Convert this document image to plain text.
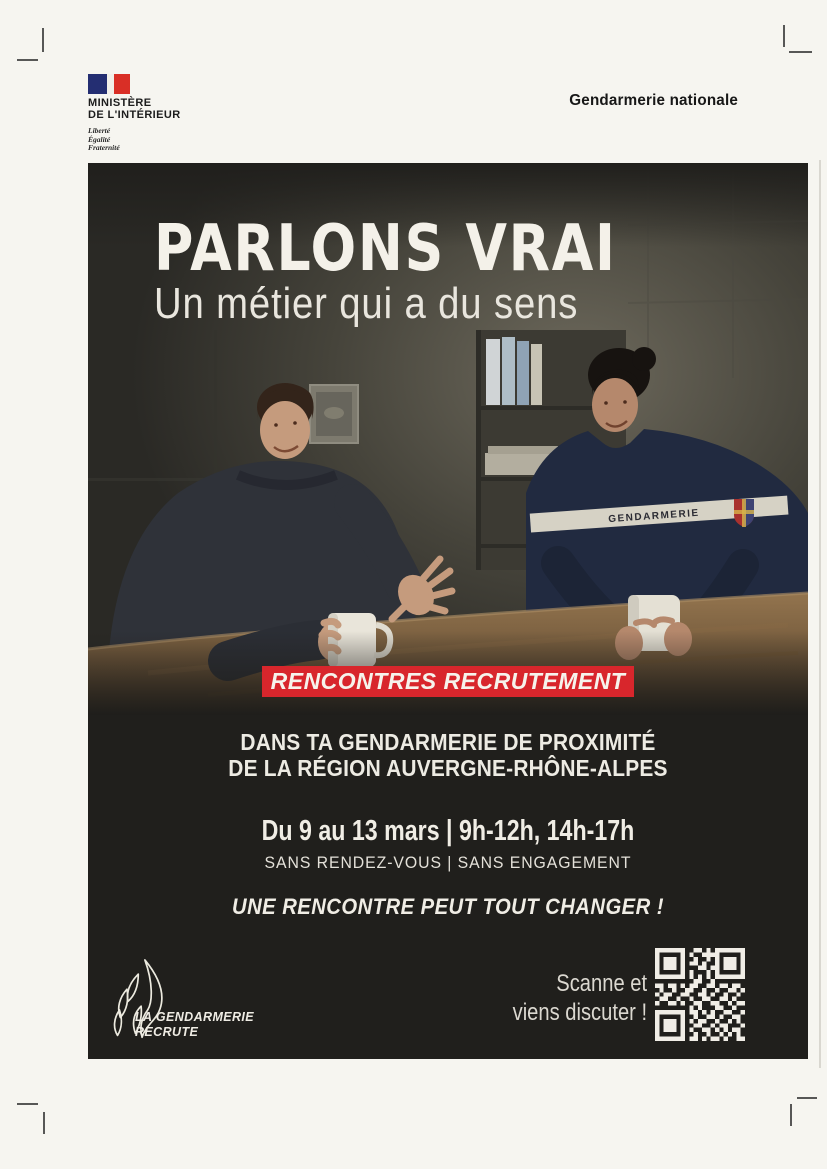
MINISTÈRE
DE L'INTÉRIEUR
Liberté
Égalité
Fraternité
Gendarmerie nationale
GENDARMERIE
PARLONS VRAI
Un métier qui a du sens
RENCONTRES RECRUTEMENT
DANS TA GENDARMERIE DE PROXIMITÉ
DE LA RÉGION AUVERGNE-RHÔNE-ALPES
Du 9 au 13 mars | 9h-12h, 14h-17h
SANS RENDEZ-VOUS | SANS ENGAGEMENT
UNE RENCONTRE PEUT TOUT CHANGER !
LA GENDARMERIE
RECRUTE
Scanne et
viens discuter !
